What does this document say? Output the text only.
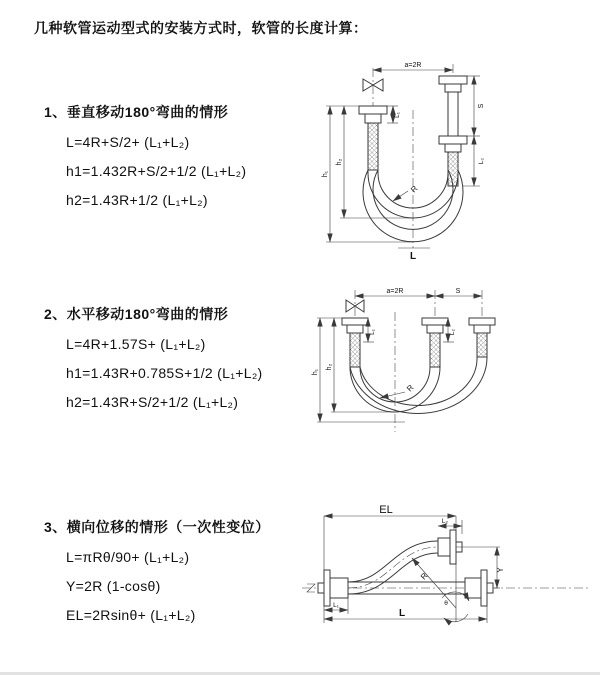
几种软管运动型式的安装方式时，软管的长度计算：

1、垂直移动180°弯曲的情形

L=4R+S/2+ (L₁+L₂)

h1=1.432R+S/2+1/2 (L₁+L₂)

h2=1.43R+1/2 (L₁+L₂)

2、水平移动180°弯曲的情形

L=4R+1.57S+ (L₁+L₂)

h1=1.43R+0.785S+1/2 (L₁+L₂)

h2=1.43R+S/2+1/2 (L₁+L₂)

3、横向位移的情形（一次性变位）

L=πRθ/90+ (L₁+L₂)

Y=2R (1-cosθ)

EL=2Rsinθ+ (L₁+L₂)

a=2R
h₁
h₂
L₁
S
L₂
R
L
a=2R	S
L₁	L₂
h₁
h₂
R
EL
L₂
Y
R
θ
L₁
L
